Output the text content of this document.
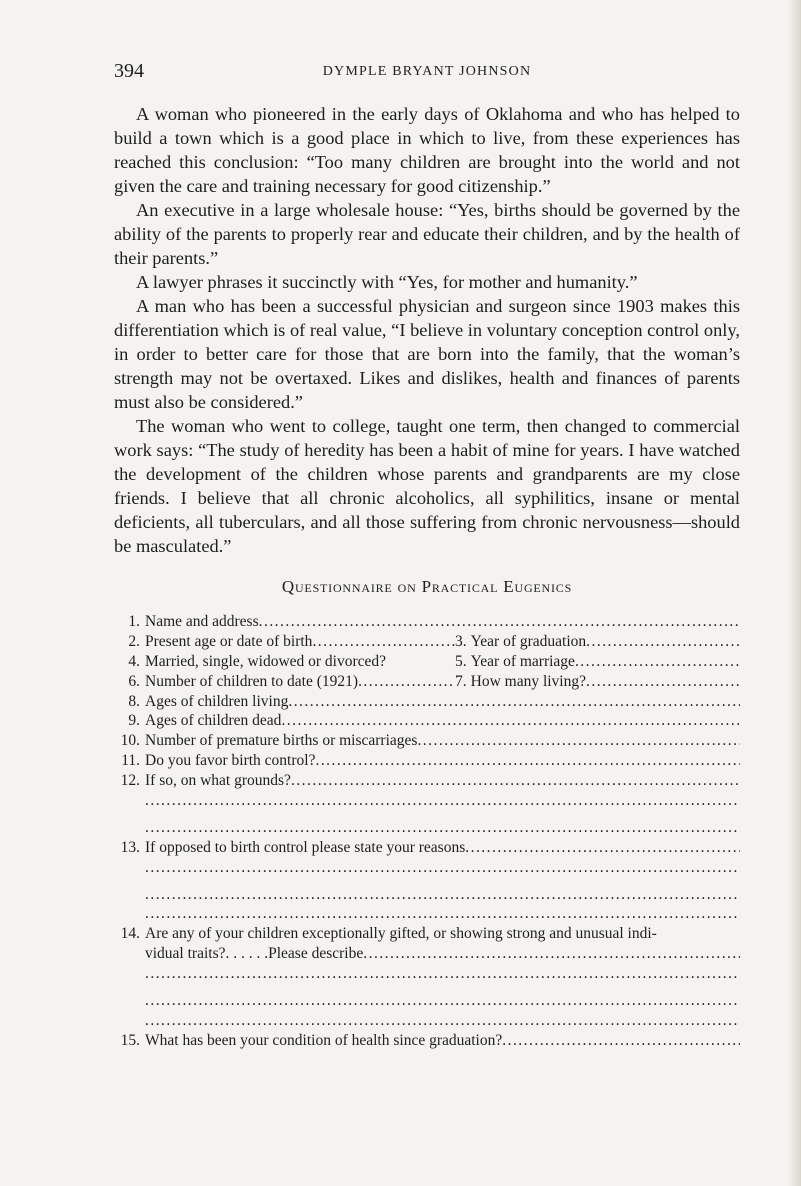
394	DYMPLE BRYANT JOHNSON

A woman who pioneered in the early days of Oklahoma and who has helped to build a town which is a good place in which to live, from these experiences has reached this conclusion: “Too many children are brought into the world and not given the care and training necessary for good citizenship.”

An executive in a large wholesale house: “Yes, births should be governed by the ability of the parents to properly rear and educate their children, and by the health of their parents.”

A lawyer phrases it succinctly with “Yes, for mother and humanity.”

A man who has been a successful physician and surgeon since 1903 makes this differentiation which is of real value, “I believe in voluntary conception control only, in order to better care for those that are born into the family, that the woman’s strength may not be overtaxed. Likes and dislikes, health and finances of parents must also be considered.”

The woman who went to college, taught one term, then changed to commercial work says: “The study of heredity has been a habit of mine for years. I have watched the development of the children whose parents and grandparents are my close friends. I believe that all chronic alcoholics, all syphilitics, insane or mental deficients, all tuberculars, and all those suffering from chronic nervousness—should be masculated.”

Questionnaire on Practical Eugenics
1. Name and address
. . .
2. Present age or date of birth . . .	3. Year of graduation
. . .
4. Married, single, widowed or divorced?	5. Year of marriage
. . .
6. Number of children to date (1921) . . .	7. How many living?
. . .
8. Ages of children living
. . .
9. Ages of children dead
. . .
10. Number of premature births or miscarriages
. . .
11. Do you favor birth control?
. . .
12. If so, on what grounds?
. . .
. . .
. . .
13. If opposed to birth control please state your reasons
. . .
. . .
. . .
. . .
14. Are any of your children exceptionally gifted, or showing strong and unusual indi-
vidual traits? . . . . . . Please describe
. . .
. . .
. . .
. . .
15. What has been your condition of health since graduation?
. . .
